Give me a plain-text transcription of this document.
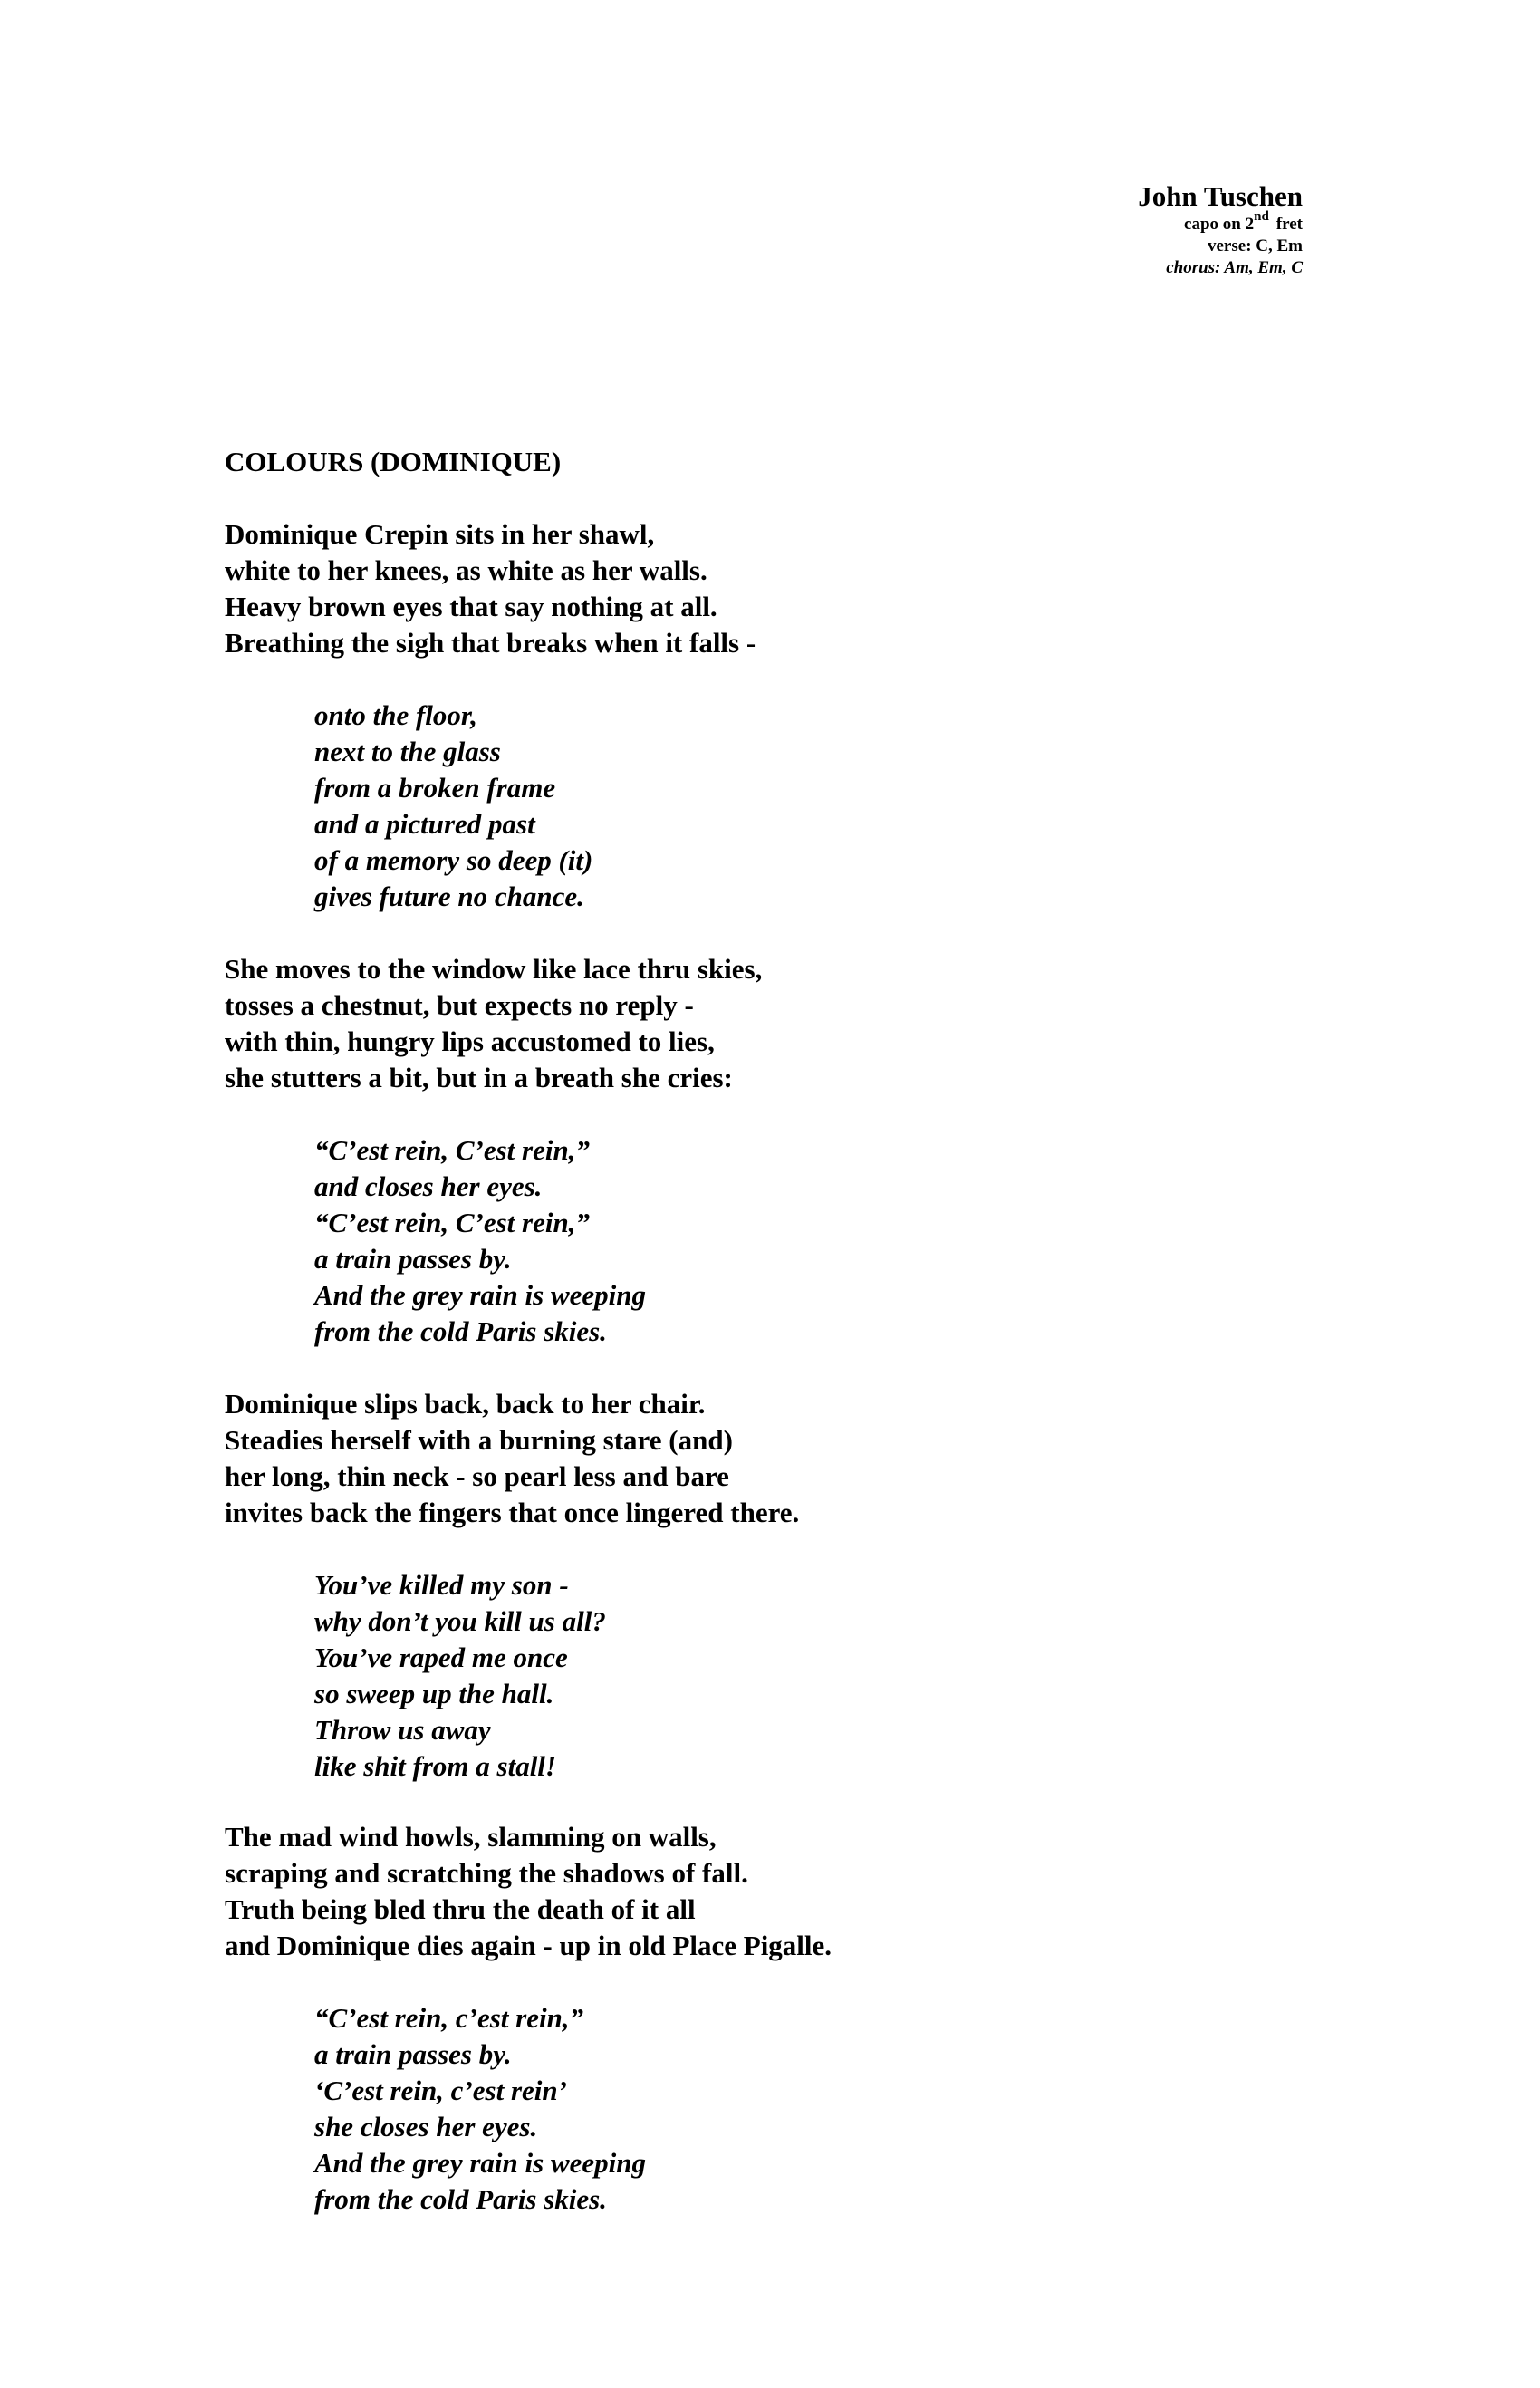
John Tuschen
capo on 2nd fret
verse: C, Em
chorus: Am, Em, C
COLOURS (DOMINIQUE)
Dominique Crepin sits in her shawl,
white to her knees, as white as her walls.
Heavy brown eyes that say nothing at all.
Breathing the sigh that breaks when it falls -
onto the floor,
next to the glass
from a broken frame
and a pictured past
of a memory so deep (it)
gives future no chance.
She moves to the window like lace thru skies,
tosses a chestnut, but expects no reply -
with thin, hungry lips accustomed to lies,
she stutters a bit, but in a breath she cries:
“C’est rein, C’est rein,”
and closes her eyes.
“C’est rein, C’est rein,”
a train passes by.
And the grey rain is weeping
from the cold Paris skies.
Dominique slips back, back to her chair.
Steadies herself with a burning stare (and)
her long, thin neck - so pearl less and bare
invites back the fingers that once lingered there.
You’ve killed my son -
why don’t you kill us all?
You’ve raped me once
so sweep up the hall.
Throw us away
like shit from a stall!
The mad wind howls, slamming on walls,
scraping and scratching the shadows of fall.
Truth being bled thru the death of it all
and Dominique dies again - up in old Place Pigalle.
“C’est rein, c’est rein,”
a train passes by.
‘C’est rein, c’est rein’
she closes her eyes.
And the grey rain is weeping
from the cold Paris skies.
